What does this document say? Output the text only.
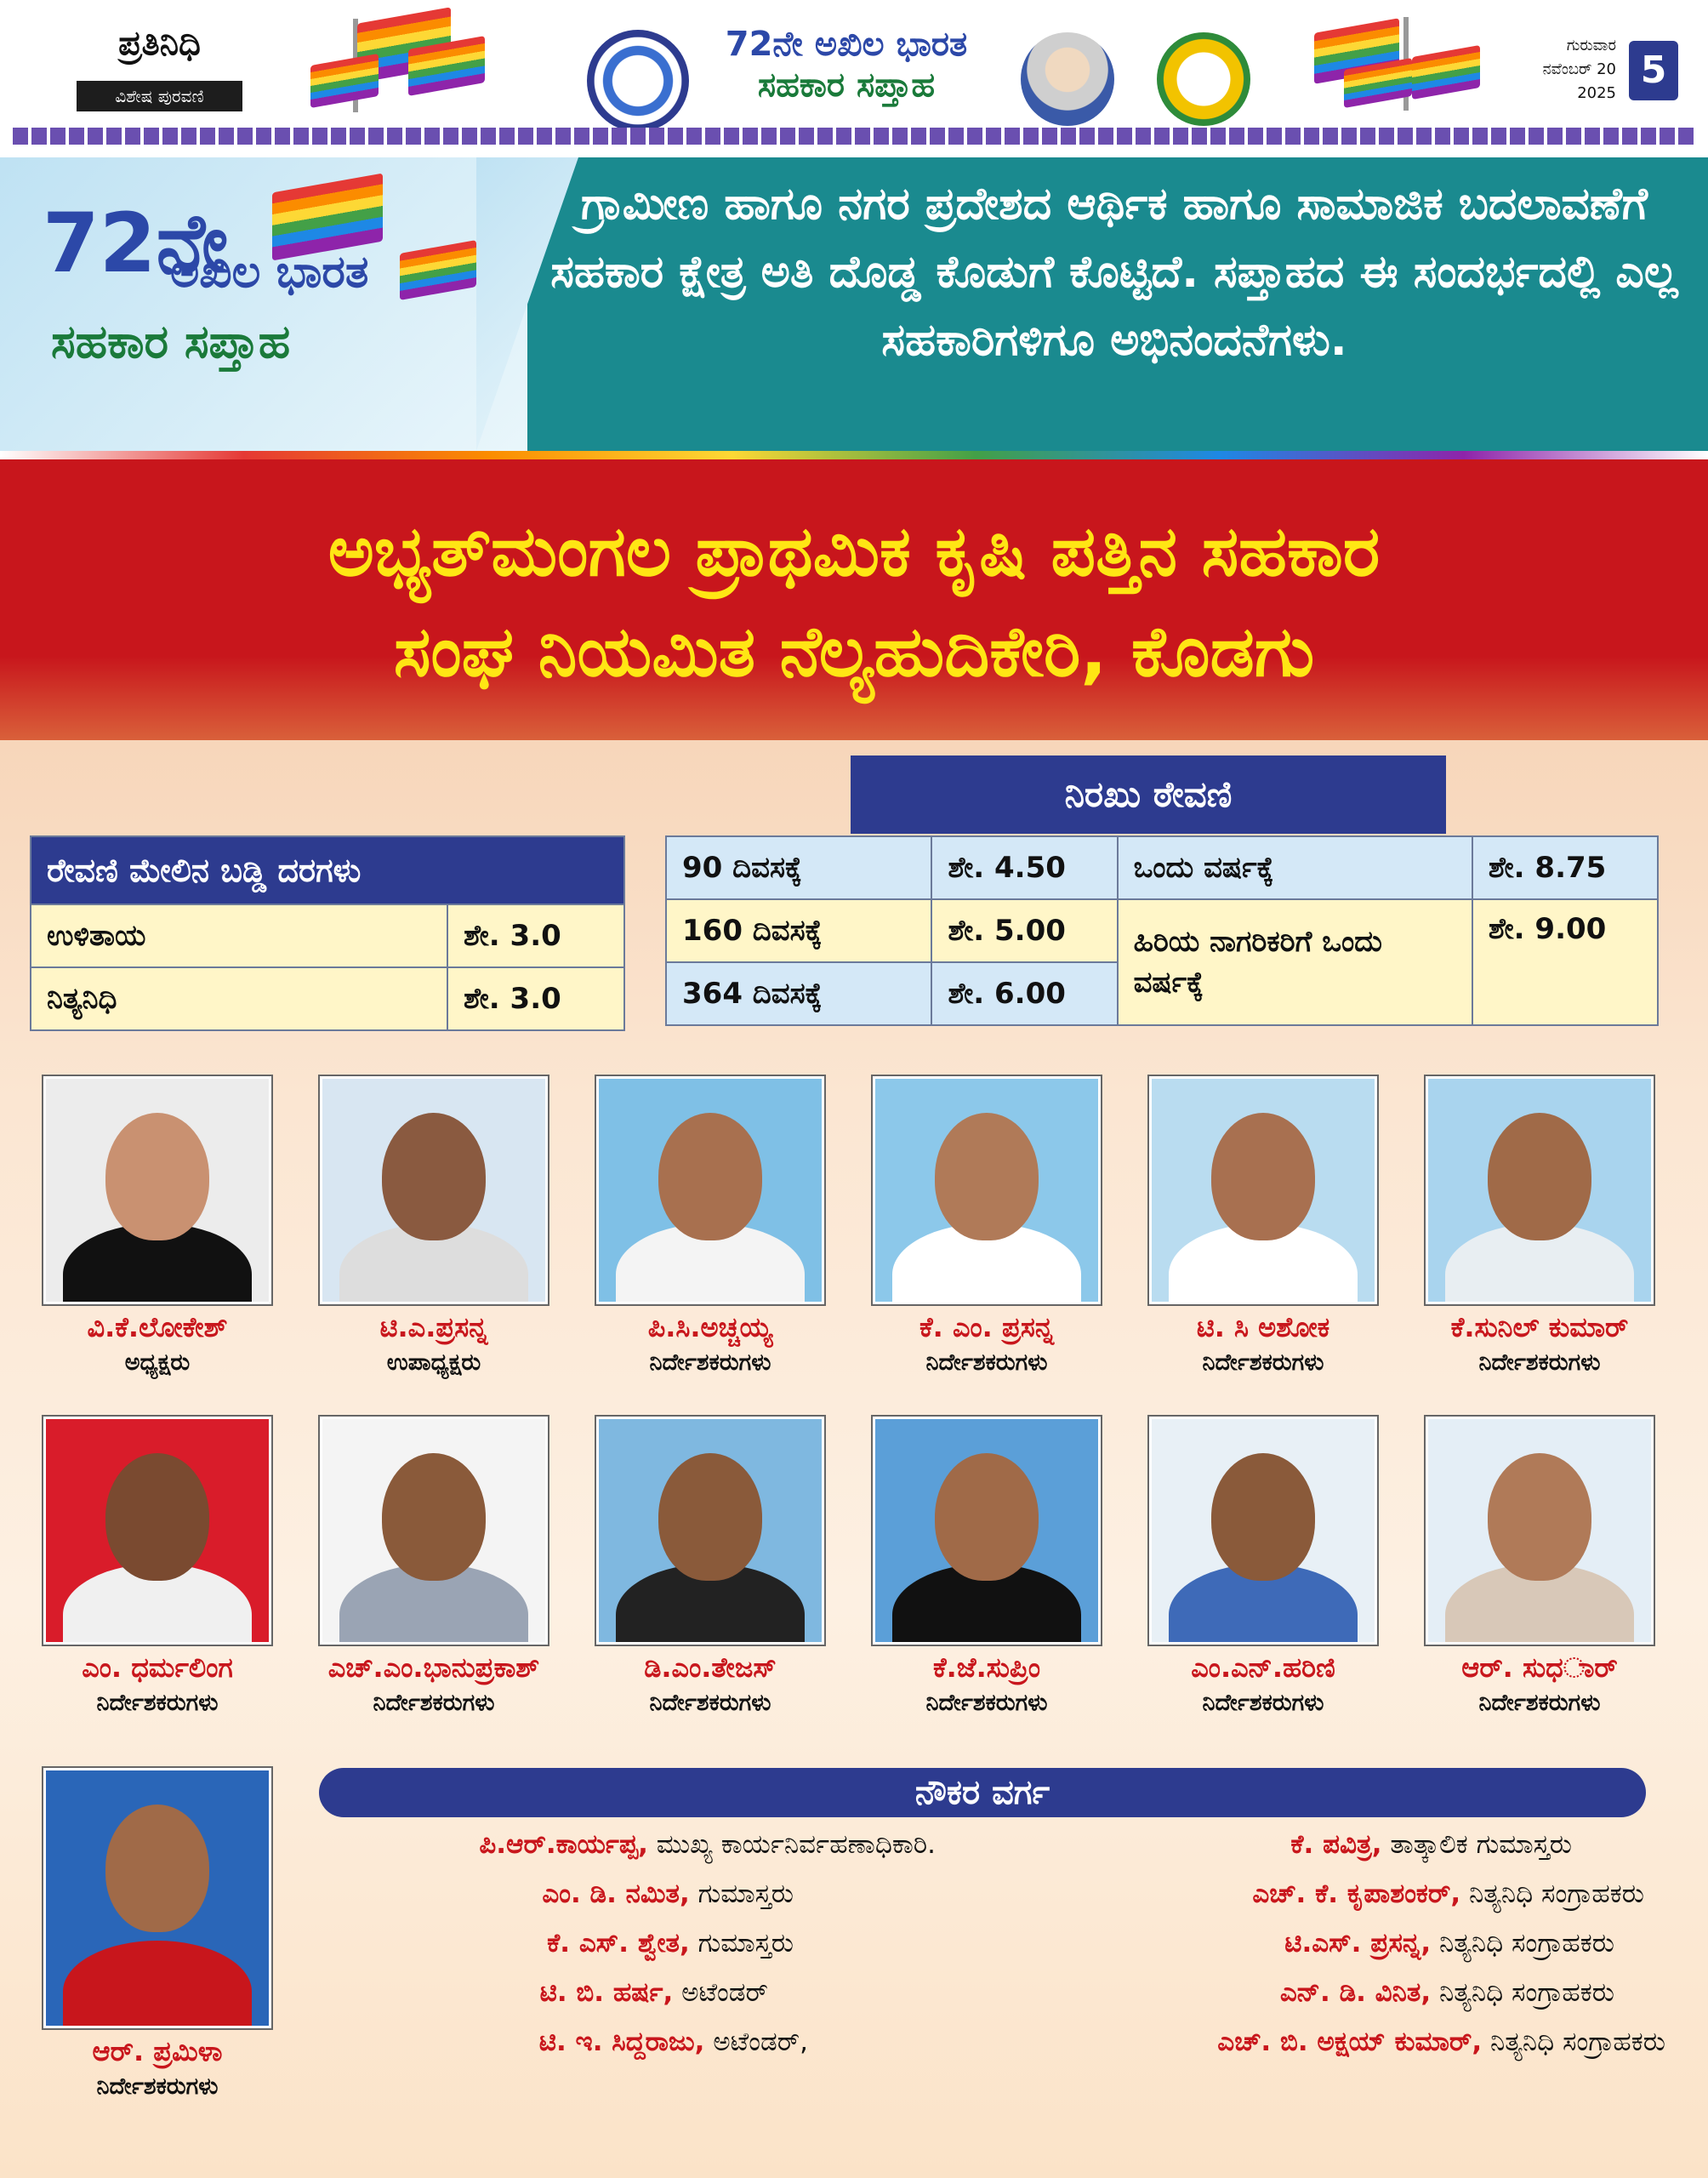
ಪ್ರತಿನಿಧಿ
ವಿಶೇಷ ಪುರವಣಿ
72ನೇ ಅಖಿಲ ಭಾರತ
ಸಹಕಾರ ಸಪ್ತಾಹ
ಗುರುವಾರ
ನವೆಂಬರ್ 20
2025
5
72ನೇ
ಅಖಿಲ ಭಾರತ
ಸಹಕಾರ ಸಪ್ತಾಹ
ಗ್ರಾಮೀಣ ಹಾಗೂ ನಗರ ಪ್ರದೇಶದ ಆರ್ಥಿಕ ಹಾಗೂ ಸಾಮಾಜಿಕ ಬದಲಾವಣೆಗೆ ಸಹಕಾರ ಕ್ಷೇತ್ರ ಅತಿ ದೊಡ್ಡ ಕೊಡುಗೆ ಕೊಟ್ಟಿದೆ. ಸಪ್ತಾಹದ ಈ ಸಂದರ್ಭದಲ್ಲಿ ಎಲ್ಲ ಸಹಕಾರಿಗಳಿಗೂ ಅಭಿನಂದನೆಗಳು.
ಅಭ್ಯತ್‌ಮಂಗಲ ಪ್ರಾಥಮಿಕ ಕೃಷಿ ಪತ್ತಿನ ಸಹಕಾರ
ಸಂಘ ನಿಯಮಿತ ನೆಲ್ಯಹುದಿಕೇರಿ, ಕೊಡಗು
ರೇವಣಿ ಮೇಲಿನ ಬಡ್ಡಿ ದರಗಳು	
ಉಳಿತಾಯ	ಶೇ. 3.0
ನಿತ್ಯನಿಧಿ	ಶೇ. 3.0
ನಿರಖು ಠೇವಣಿ
90 ದಿವಸಕ್ಕೆ	ಶೇ. 4.50	ಒಂದು ವರ್ಷಕ್ಕೆ	ಶೇ. 8.75
160 ದಿವಸಕ್ಕೆ	ಶೇ. 5.00	ಹಿರಿಯ ನಾಗರಿಕರಿಗೆ ಒಂದು ವರ್ಷಕ್ಕೆ	ಶೇ. 9.00
364 ದಿವಸಕ್ಕೆ	ಶೇ. 6.00		
ವಿ.ಕೆ.ಲೋಕೇಶ್
ಅಧ್ಯಕ್ಷರು
ಟಿ.ಎ.ಪ್ರಸನ್ನ
ಉಪಾಧ್ಯಕ್ಷರು
ಪಿ.ಸಿ.ಅಚ್ಚಯ್ಯ
ನಿರ್ದೇಶಕರುಗಳು
ಕೆ. ಎಂ. ಪ್ರಸನ್ನ
ನಿರ್ದೇಶಕರುಗಳು
ಟಿ. ಸಿ ಅಶೋಕ
ನಿರ್ದೇಶಕರುಗಳು
ಕೆ.ಸುನಿಲ್ ಕುಮಾರ್
ನಿರ್ದೇಶಕರುಗಳು
ಎಂ. ಧರ್ಮಲಿಂಗ
ನಿರ್ದೇಶಕರುಗಳು
ಎಚ್.ಎಂ.ಭಾನುಪ್ರಕಾಶ್
ನಿರ್ದೇಶಕರುಗಳು
ಡಿ.ಎಂ.ತೇಜಸ್
ನಿರ್ದೇಶಕರುಗಳು
ಕೆ.ಜೆ.ಸುಪ್ರಿಂ
ನಿರ್ದೇಶಕರುಗಳು
ಎಂ.ಎನ್.ಹರಿಣಿ
ನಿರ್ದೇಶಕರುಗಳು
ಆರ್. ಸುಧರ್ಾ
ನಿರ್ದೇಶಕರುಗಳು
ಆರ್. ಪ್ರಮಿಳಾ
ನಿರ್ದೇಶಕರುಗಳು
ನೌಕರ ವರ್ಗ
ಪಿ.ಆರ್.ಕಾರ್ಯಪ್ಪ, ಮುಖ್ಯ ಕಾರ್ಯನಿರ್ವಹಣಾಧಿಕಾರಿ.
ಎಂ. ಡಿ. ನಮಿತ, ಗುಮಾಸ್ತರು
ಕೆ. ಎಸ್. ಶ್ವೇತ, ಗುಮಾಸ್ತರು
ಟಿ. ಬಿ. ಹರ್ಷ, ಅಟೆಂಡರ್
ಟಿ. ಇ. ಸಿದ್ದರಾಜು, ಅಟೆಂಡರ್,
ಕೆ. ಪವಿತ್ರ, ತಾತ್ಕಾಲಿಕ ಗುಮಾಸ್ತರು
ಎಚ್. ಕೆ. ಕೃಪಾಶಂಕರ್, ನಿತ್ಯನಿಧಿ ಸಂಗ್ರಾಹಕರು
ಟಿ.ಎಸ್. ಪ್ರಸನ್ನ, ನಿತ್ಯನಿಧಿ ಸಂಗ್ರಾಹಕರು
ಎನ್. ಡಿ. ವಿನಿತ, ನಿತ್ಯನಿಧಿ ಸಂಗ್ರಾಹಕರು
ಎಚ್. ಬಿ. ಅಕ್ಷಯ್ ಕುಮಾರ್, ನಿತ್ಯನಿಧಿ ಸಂಗ್ರಾಹಕರು
